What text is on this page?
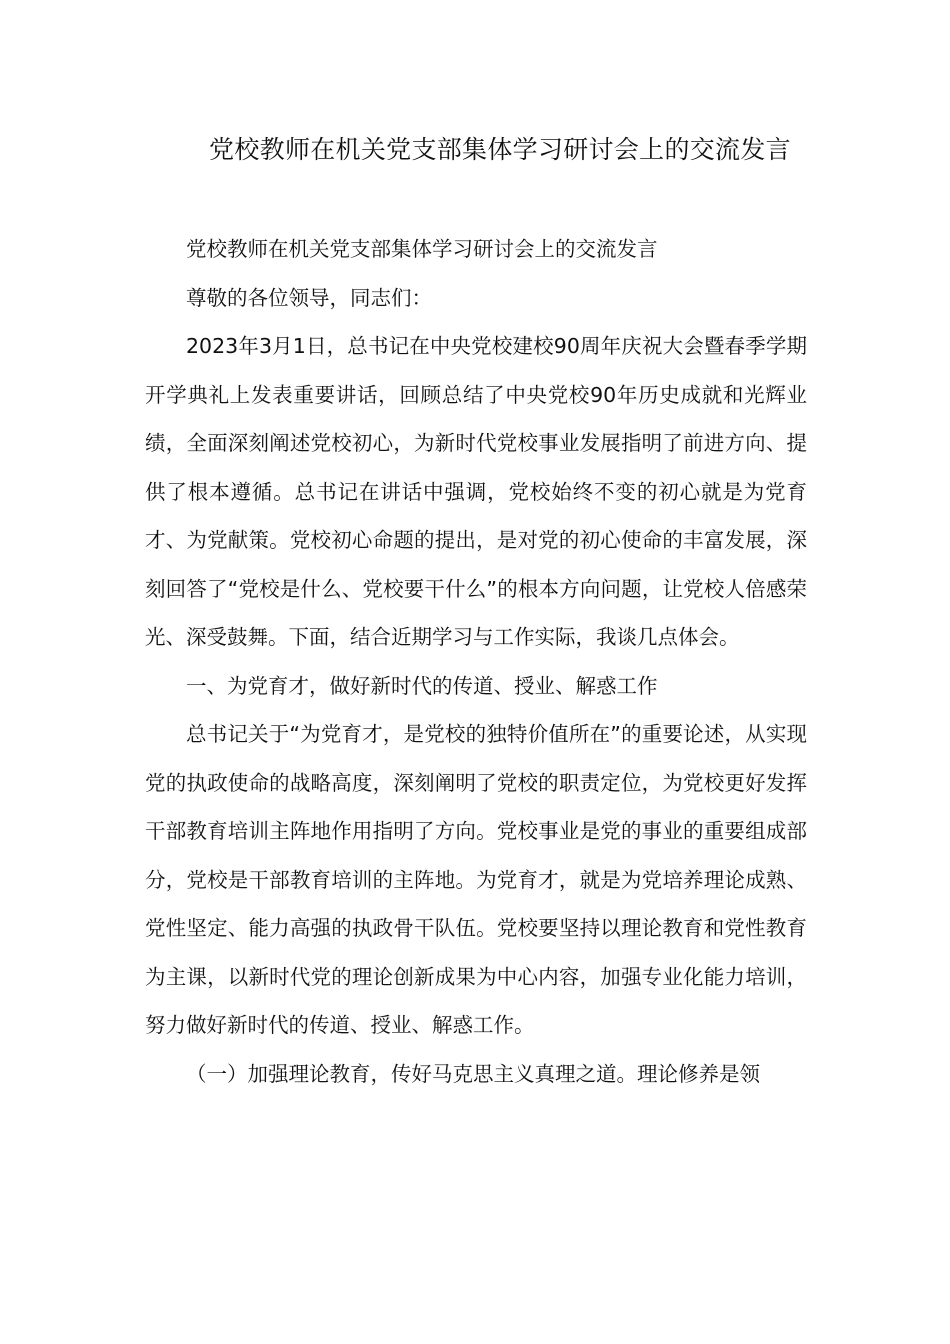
党校教师在机关党支部集体学习研讨会上的交流发言

党校教师在机关党支部集体学习研讨会上的交流发言

尊敬的各位领导，同志们：

2023年3月1日，总书记在中央党校建校90周年庆祝大会暨春季学期开学典礼上发表重要讲话，回顾总结了中央党校90年历史成就和光辉业绩，全面深刻阐述党校初心，为新时代党校事业发展指明了前进方向、提供了根本遵循。总书记在讲话中强调，党校始终不变的初心就是为党育才、为党献策。党校初心命题的提出，是对党的初心使命的丰富发展，深刻回答了“党校是什么、党校要干什么”的根本方向问题，让党校人倍感荣光、深受鼓舞。下面，结合近期学习与工作实际，我谈几点体会。

一、为党育才，做好新时代的传道、授业、解惑工作

总书记关于“为党育才，是党校的独特价值所在”的重要论述，从实现党的执政使命的战略高度，深刻阐明了党校的职责定位，为党校更好发挥干部教育培训主阵地作用指明了方向。党校事业是党的事业的重要组成部分，党校是干部教育培训的主阵地。为党育才，就是为党培养理论成熟、党性坚定、能力高强的执政骨干队伍。党校要坚持以理论教育和党性教育为主课，以新时代党的理论创新成果为中心内容，加强专业化能力培训，努力做好新时代的传道、授业、解惑工作。

（一）加强理论教育，传好马克思主义真理之道。理论修养是领
